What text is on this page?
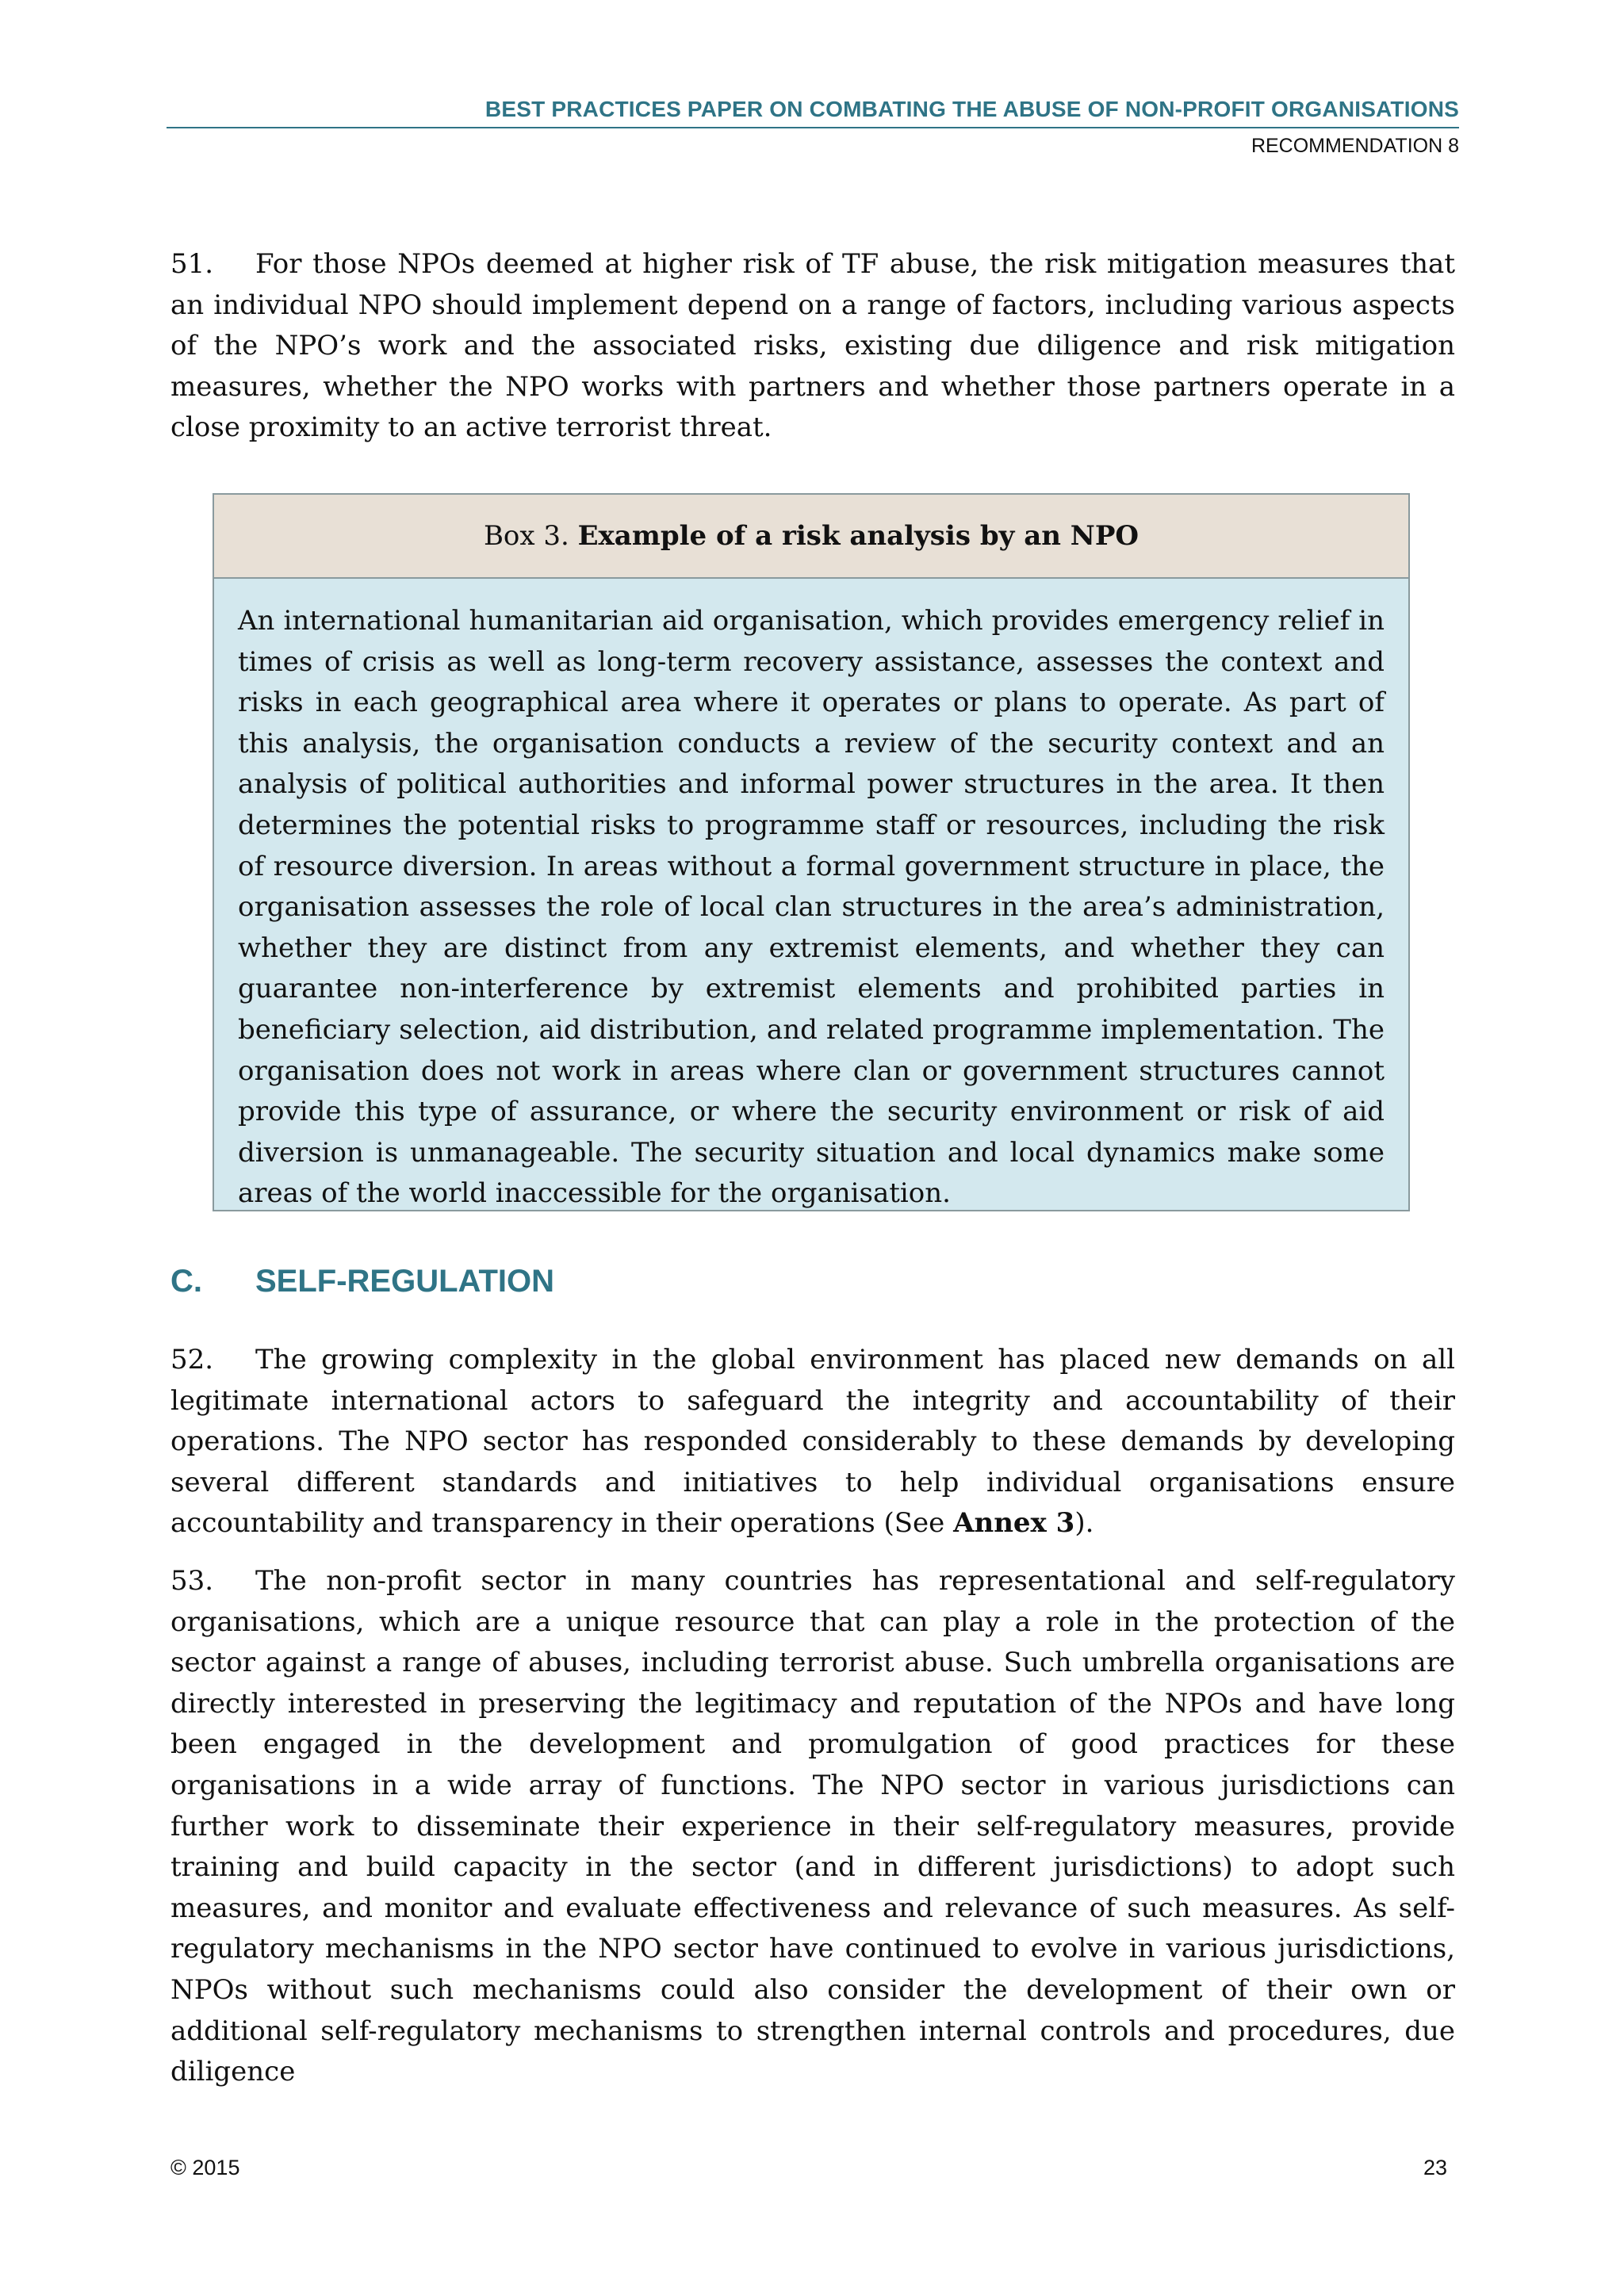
BEST PRACTICES PAPER ON COMBATING THE ABUSE OF NON-PROFIT ORGANISATIONS
RECOMMENDATION 8
51. For those NPOs deemed at higher risk of TF abuse, the risk mitigation measures that an individual NPO should implement depend on a range of factors, including various aspects of the NPO’s work and the associated risks, existing due diligence and risk mitigation measures, whether the NPO works with partners and whether those partners operate in a close proximity to an active terrorist threat.
Box 3. Example of a risk analysis by an NPO
An international humanitarian aid organisation, which provides emergency relief in times of crisis as well as long-term recovery assistance, assesses the context and risks in each geographical area where it operates or plans to operate. As part of this analysis, the organisation conducts a review of the security context and an analysis of political authorities and informal power structures in the area. It then determines the potential risks to programme staff or resources, including the risk of resource diversion. In areas without a formal government structure in place, the organisation assesses the role of local clan structures in the area’s administration, whether they are distinct from any extremist elements, and whether they can guarantee non-interference by extremist elements and prohibited parties in beneficiary selection, aid distribution, and related programme implementation. The organisation does not work in areas where clan or government structures cannot provide this type of assurance, or where the security environment or risk of aid diversion is unmanageable. The security situation and local dynamics make some areas of the world inaccessible for the organisation.
C. SELF-REGULATION
52. The growing complexity in the global environment has placed new demands on all legitimate international actors to safeguard the integrity and accountability of their operations. The NPO sector has responded considerably to these demands by developing several different standards and initiatives to help individual organisations ensure accountability and transparency in their operations (See Annex 3).
53. The non-profit sector in many countries has representational and self-regulatory organisations, which are a unique resource that can play a role in the protection of the sector against a range of abuses, including terrorist abuse. Such umbrella organisations are directly interested in preserving the legitimacy and reputation of the NPOs and have long been engaged in the development and promulgation of good practices for these organisations in a wide array of functions. The NPO sector in various jurisdictions can further work to disseminate their experience in their self-regulatory measures, provide training and build capacity in the sector (and in different jurisdictions) to adopt such measures, and monitor and evaluate effectiveness and relevance of such measures. As self-regulatory mechanisms in the NPO sector have continued to evolve in various jurisdictions, NPOs without such mechanisms could also consider the development of their own or additional self-regulatory mechanisms to strengthen internal controls and procedures, due diligence
© 2015	23
